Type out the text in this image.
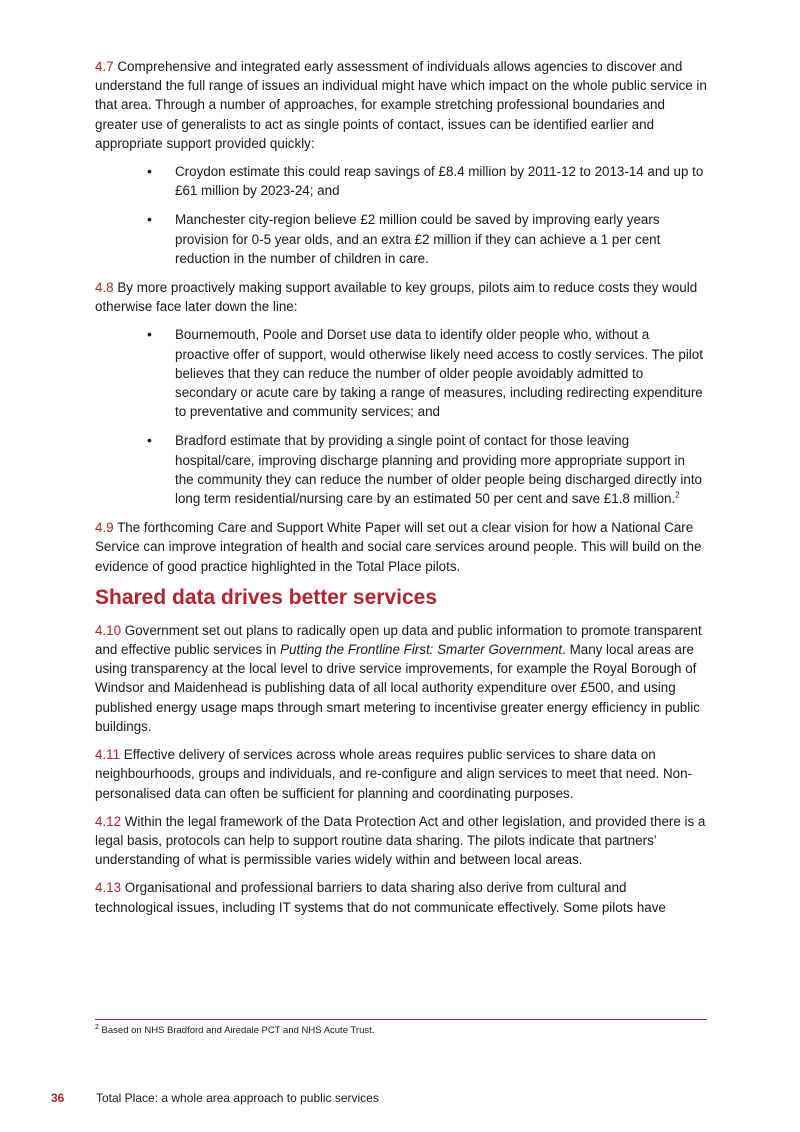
4.7 Comprehensive and integrated early assessment of individuals allows agencies to discover and understand the full range of issues an individual might have which impact on the whole public service in that area. Through a number of approaches, for example stretching professional boundaries and greater use of generalists to act as single points of contact, issues can be identified earlier and appropriate support provided quickly:

• Croydon estimate this could reap savings of £8.4 million by 2011-12 to 2013-14 and up to £61 million by 2023-24; and
• Manchester city-region believe £2 million could be saved by improving early years provision for 0-5 year olds, and an extra £2 million if they can achieve a 1 per cent reduction in the number of children in care.

4.8 By more proactively making support available to key groups, pilots aim to reduce costs they would otherwise face later down the line:

• Bournemouth, Poole and Dorset use data to identify older people who, without a proactive offer of support, would otherwise likely need access to costly services. The pilot believes that they can reduce the number of older people avoidably admitted to secondary or acute care by taking a range of measures, including redirecting expenditure to preventative and community services; and
• Bradford estimate that by providing a single point of contact for those leaving hospital/care, improving discharge planning and providing more appropriate support in the community they can reduce the number of older people being discharged directly into long term residential/nursing care by an estimated 50 per cent and save £1.8 million.$^2$

4.9 The forthcoming Care and Support White Paper will set out a clear vision for how a National Care Service can improve integration of health and social care services around people. This will build on the evidence of good practice highlighted in the Total Place pilots.

Shared data drives better services

4.10 Government set out plans to radically open up data and public information to promote transparent and effective public services in Putting the Frontline First: Smarter Government. Many local areas are using transparency at the local level to drive service improvements, for example the Royal Borough of Windsor and Maidenhead is publishing data of all local authority expenditure over £500, and using published energy usage maps through smart metering to incentivise greater energy efficiency in public buildings.

4.11 Effective delivery of services across whole areas requires public services to share data on neighbourhoods, groups and individuals, and re-configure and align services to meet that need. Non-personalised data can often be sufficient for planning and coordinating purposes.

4.12 Within the legal framework of the Data Protection Act and other legislation, and provided there is a legal basis, protocols can help to support routine data sharing. The pilots indicate that partners’ understanding of what is permissible varies widely within and between local areas.

4.13 Organisational and professional barriers to data sharing also derive from cultural and technological issues, including IT systems that do not communicate effectively. Some pilots have

$^2$ Based on NHS Bradford and Airedale PCT and NHS Acute Trust.
36	Total Place: a whole area approach to public services
